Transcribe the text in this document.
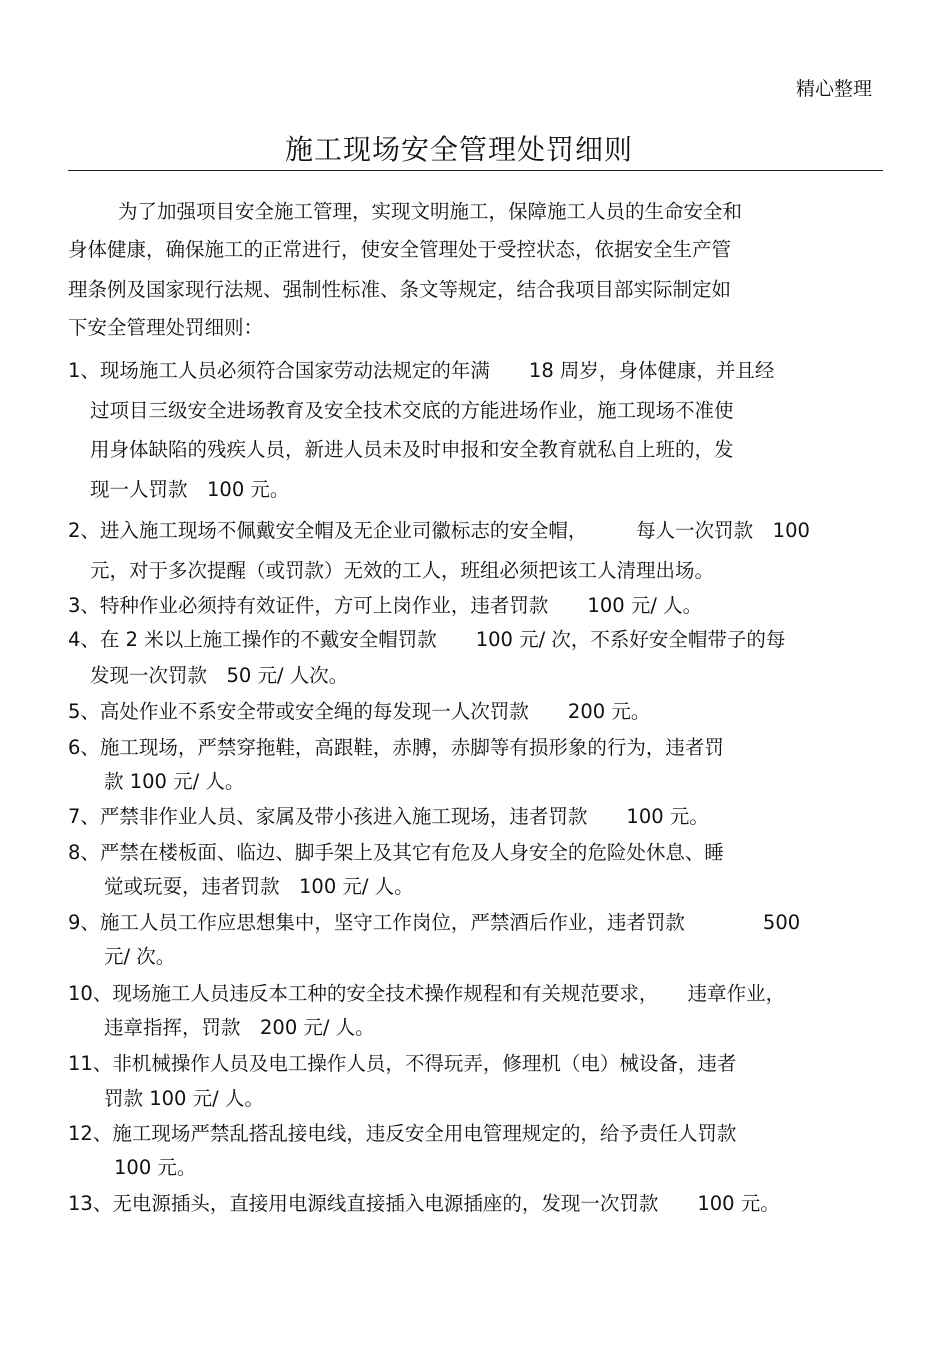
精心整理
施工现场安全管理处罚细则
为了加强项目安全施工管理，实现文明施工，保障施工人员的生命安全和
身体健康，确保施工的正常进行，使安全管理处于受控状态，依据安全生产管
理条例及国家现行法规、强制性标准、条文等规定，结合我项目部实际制定如
下安全管理处罚细则：
1、现场施工人员必须符合国家劳动法规定的年满　　18 周岁，身体健康，并且经
过项目三级安全进场教育及安全技术交底的方能进场作业，施工现场不准使
用身体缺陷的残疾人员，新进人员未及时申报和安全教育就私自上班的，发
现一人罚款　100 元。
2、进入施工现场不佩戴安全帽及无企业司徽标志的安全帽，　　　每人一次罚款　100
元，对于多次提醒（或罚款）无效的工人，班组必须把该工人清理出场。
3、特种作业必须持有效证件，方可上岗作业，违者罚款　　100 元/ 人。
4、在 2 米以上施工操作的不戴安全帽罚款　　100 元/ 次，不系好安全帽带子的每
发现一次罚款　50 元/ 人次。
5、高处作业不系安全带或安全绳的每发现一人次罚款　　200 元。
6、施工现场，严禁穿拖鞋，高跟鞋，赤膊，赤脚等有损形象的行为，违者罚
款 100 元/ 人。
7、严禁非作业人员、家属及带小孩进入施工现场，违者罚款　　100 元。
8、严禁在楼板面、临边、脚手架上及其它有危及人身安全的危险处休息、睡
觉或玩耍，违者罚款　100 元/ 人。
9、施工人员工作应思想集中，坚守工作岗位，严禁酒后作业，违者罚款　　　　500
元/ 次。
10、现场施工人员违反本工种的安全技术操作规程和有关规范要求，　　违章作业，
违章指挥，罚款　200 元/ 人。
11、非机械操作人员及电工操作人员，不得玩弄，修理机（电）械设备，违者
罚款 100 元/ 人。
12、施工现场严禁乱搭乱接电线，违反安全用电管理规定的，给予责任人罚款
100 元。
13、无电源插头，直接用电源线直接插入电源插座的，发现一次罚款　　100 元。
